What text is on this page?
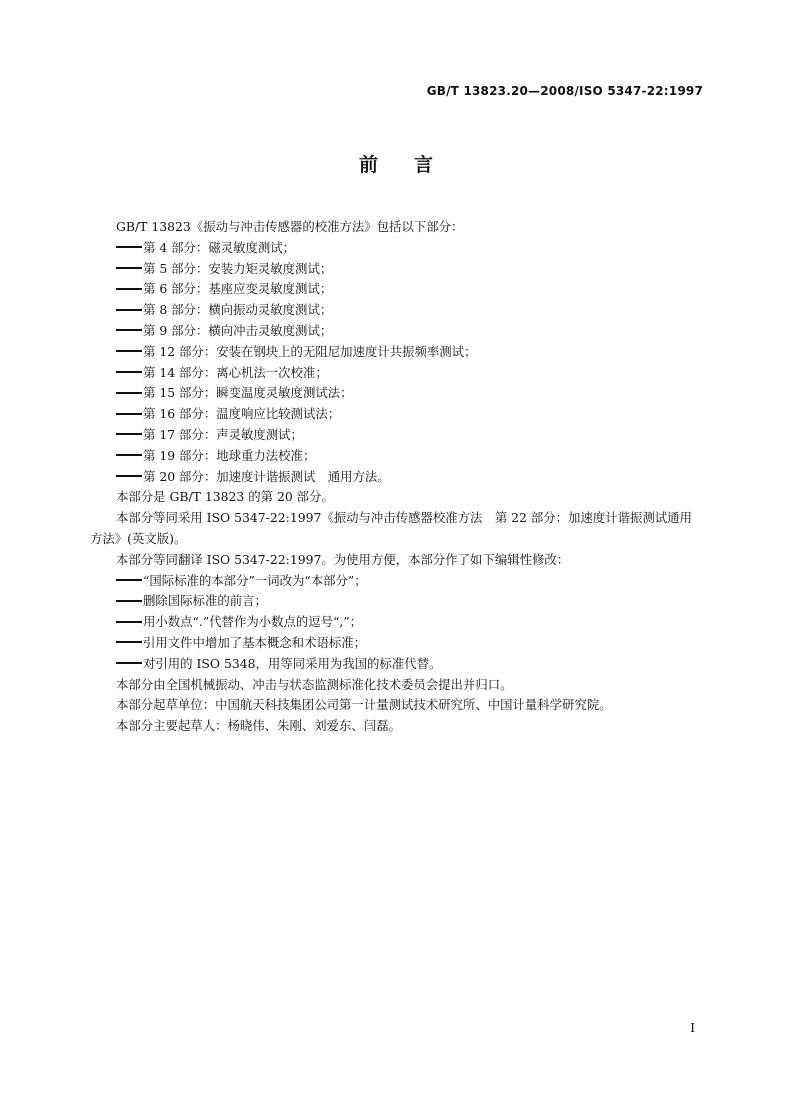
GB/T 13823.20—2008/ISO 5347-22:1997
前言

GB/T 13823《振动与冲击传感器的校准方法》包括以下部分：

第 4 部分：磁灵敏度测试；

第 5 部分：安装力矩灵敏度测试；

第 6 部分：基座应变灵敏度测试；

第 8 部分：横向振动灵敏度测试；

第 9 部分：横向冲击灵敏度测试；

第 12 部分：安装在钢块上的无阻尼加速度计共振频率测试；

第 14 部分：离心机法一次校准；

第 15 部分：瞬变温度灵敏度测试法；

第 16 部分：温度响应比较测试法；

第 17 部分：声灵敏度测试；

第 19 部分：地球重力法校准；

第 20 部分：加速度计谐振测试　通用方法。

本部分是 GB/T 13823 的第 20 部分。

本部分等同采用 ISO 5347-22:1997《振动与冲击传感器校准方法　第 22 部分：加速度计谐振测试通用方法》(英文版)。

本部分等同翻译 ISO 5347-22:1997。为使用方便，本部分作了如下编辑性修改：

“国际标准的本部分”一词改为“本部分”；

删除国际标准的前言；

用小数点“.”代替作为小数点的逗号“,”；

引用文件中增加了基本概念和术语标准；

对引用的 ISO 5348，用等同采用为我国的标准代替。

本部分由全国机械振动、冲击与状态监测标准化技术委员会提出并归口。

本部分起草单位：中国航天科技集团公司第一计量测试技术研究所、中国计量科学研究院。

本部分主要起草人：杨晓伟、朱刚、刘爱东、闫磊。

I
